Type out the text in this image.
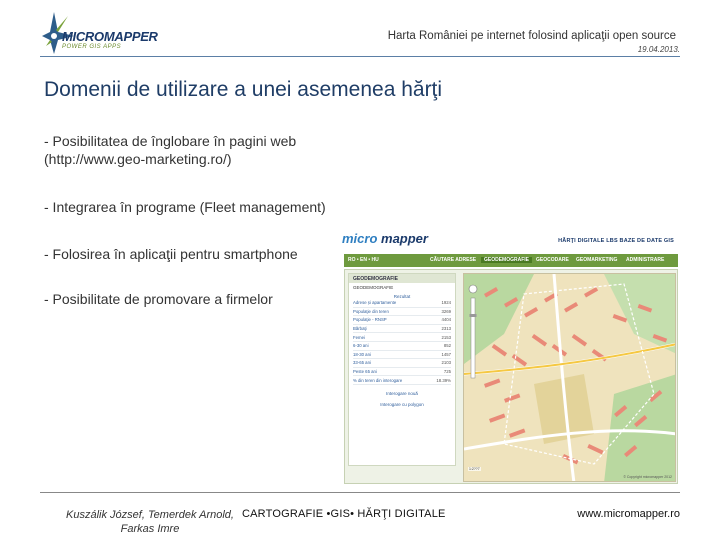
MICROMAPPER
POWER GIS APPS
Harta României pe internet folosind aplicaţii open source
19.04.2013.
Domenii de utilizare a unei asemenea hărţi
- Posibilitatea de înglobare în pagini web
(http://www.geo-marketing.ro/)
- Integrarea în programe (Fleet management)
- Folosirea în aplicaţii pentru smartphone
- Posibilitate de promovare a firmelor
micro mapper	HĂRŢI DIGITALE LBS BAZE DE DATE GIS
RO • EN • HU	CĂUTARE ADRESE	GEODEMOGRAFIE	GEOCODARE GEOMARKETING ADMINISTRARE
GEODEMOGRAFIE
GEODEMOGRAFIE
Rezultat
Adrese și apartamente	1924
Populaţie din teren	3269
Populaţie - RNSP	4404
Bărbaţi	2313
Femei	2153
6-30 ani	852
18-30 ani	1457
33-65 ani	2103
Peste 65 ani	725
% din teren din interogare	18.39%
Interogare nouă
Interogare cu polygon
1:2??7
© Copyright micromapper 2012
Kuszálik József, Temerdek Arnold,
Farkas Imre
CARTOGRAFIE •GIS• HĂRŢI DIGITALE	www.micromapper.ro
